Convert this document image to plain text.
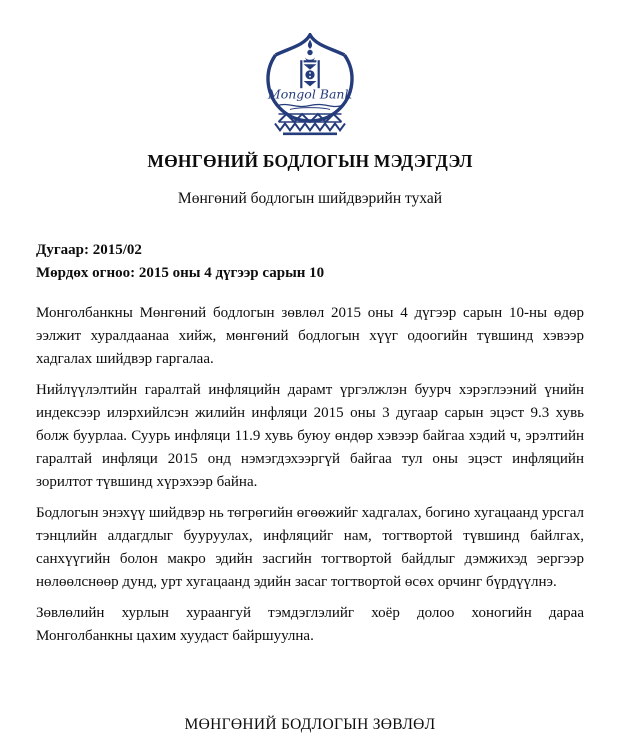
Mongol Bank
МӨНГӨНИЙ БОДЛОГЫН МЭДЭГДЭЛ
Мөнгөний бодлогын шийдвэрийн тухай
Дугаар: 2015/02
Мөрдөх огноо: 2015 оны 4 дүгээр сарын 10

Монголбанкны Мөнгөний бодлогын зөвлөл 2015 оны 4 дүгээр сарын 10-ны өдөр ээлжит хуралдаанаа хийж, мөнгөний бодлогын хүүг одоогийн түвшинд хэвээр хадгалах шийдвэр гаргалаа.

Нийлүүлэлтийн гаралтай инфляцийн дарамт үргэлжлэн буурч хэрэглээний үнийн индексээр илэрхийлсэн жилийн инфляци 2015 оны 3 дугаар сарын эцэст 9.3 хувь болж буурлаа. Суурь инфляци 11.9 хувь буюу өндөр хэвээр байгаа хэдий ч, эрэлтийн гаралтай инфляци 2015 онд нэмэгдэхээргүй байгаа тул оны эцэст инфляцийн зорилтот түвшинд хүрэхээр байна.

Бодлогын энэхүү шийдвэр нь төгрөгийн өгөөжийг хадгалах, богино хугацаанд урсгал тэнцлийн алдагдлыг бууруулах, инфляцийг нам, тогтвортой түвшинд байлгах, санхүүгийн болон макро эдийн засгийн тогтвортой байдлыг дэмжихэд эергээр нөлөөлснөөр дунд, урт хугацаанд эдийн засаг тогтвортой өсөх орчинг бүрдүүлнэ.

Зөвлөлийн хурлын хураангуй тэмдэглэлийг хоёр долоо хоногийн дараа Монголбанкны цахим хуудаст байршуулна.

МӨНГӨНИЙ БОДЛОГЫН ЗӨВЛӨЛ
